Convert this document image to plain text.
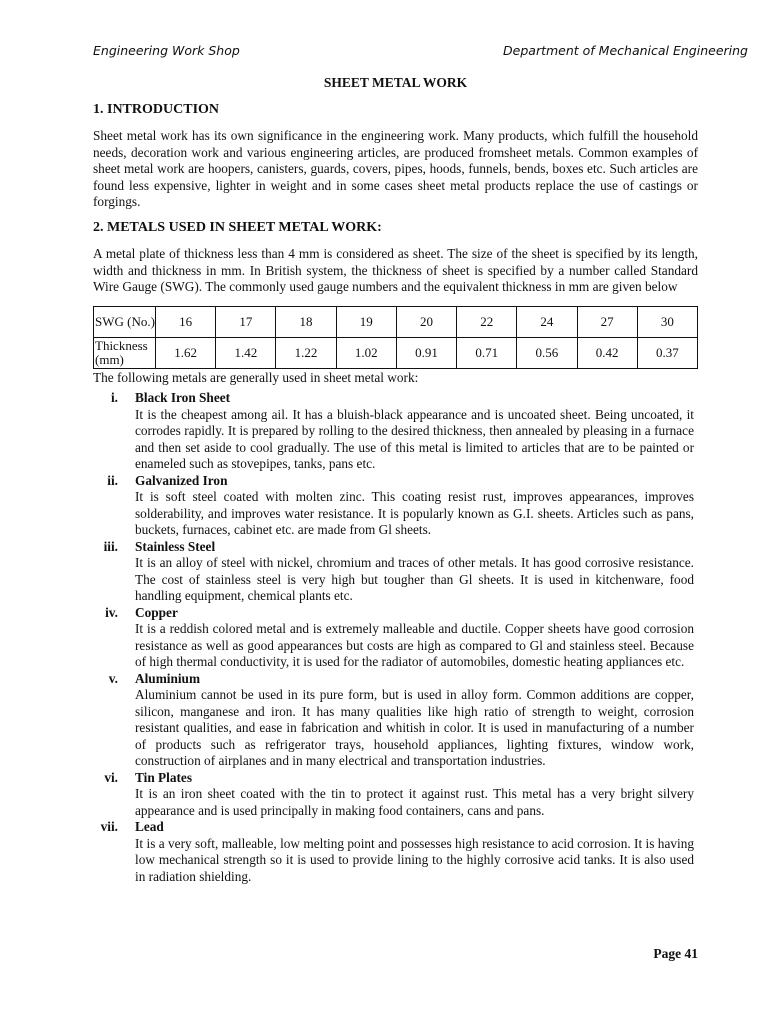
Engineering Work Shop	Department of Mechanical Engineering
SHEET METAL WORK
1. INTRODUCTION
Sheet metal work has its own significance in the engineering work. Many products, which fulfill the household needs, decoration work and various engineering articles, are produced fromsheet metals. Common examples of sheet metal work are hoopers, canisters, guards, covers, pipes, hoods, funnels, bends, boxes etc. Such articles are found less expensive, lighter in weight and in some cases sheet metal products replace the use of castings or forgings.
2. METALS USED IN SHEET METAL WORK:
A metal plate of thickness less than 4 mm is considered as sheet. The size of the sheet is specified by its length, width and thickness in mm. In British system, the thickness of sheet is specified by a number called Standard Wire Gauge (SWG). The commonly used gauge numbers and the equivalent thickness in mm are given below
SWG (No.)	16	17	18	19	20	22	24	27	30
Thickness (mm)	1.62	1.42	1.22	1.02	0.91	0.71	0.56	0.42	0.37
The following metals are generally used in sheet metal work:
i.	Black Iron Sheet
It is the cheapest among ail. It has a bluish-black appearance and is uncoated sheet. Being uncoated, it corrodes rapidly. It is prepared by rolling to the desired thickness, then annealed by pleasing in a furnace and then set aside to cool gradually. The use of this metal is limited to articles that are to be painted or enameled such as stovepipes, tanks, pans etc.
ii.	Galvanized Iron
It is soft steel coated with molten zinc. This coating resist rust, improves appearances, improves solderability, and improves water resistance. It is popularly known as G.I. sheets. Articles such as pans, buckets, furnaces, cabinet etc. are made from Gl sheets.
iii.	Stainless Steel
It is an alloy of steel with nickel, chromium and traces of other metals. It has good corrosive resistance. The cost of stainless steel is very high but tougher than Gl sheets. It is used in kitchenware, food handling equipment, chemical plants etc.
iv.	Copper
It is a reddish colored metal and is extremely malleable and ductile. Copper sheets have good corrosion resistance as well as good appearances but costs are high as compared to Gl and stainless steel. Because of high thermal conductivity, it is used for the radiator of automobiles, domestic heating appliances etc.
v.	Aluminium
Aluminium cannot be used in its pure form, but is used in alloy form. Common additions are copper, silicon, manganese and iron. It has many qualities like high ratio of strength to weight, corrosion resistant qualities, and ease in fabrication and whitish in color. It is used in manufacturing of a number of products such as refrigerator trays, household appliances, lighting fixtures, window work, construction of airplanes and in many electrical and transportation industries.
vi.	Tin Plates
It is an iron sheet coated with the tin to protect it against rust. This metal has a very bright silvery appearance and is used principally in making food containers, cans and pans.
vii.	Lead
It is a very soft, malleable, low melting point and possesses high resistance to acid corrosion. It is having low mechanical strength so it is used to provide lining to the highly corrosive acid tanks. It is also used in radiation shielding.
Page 41
